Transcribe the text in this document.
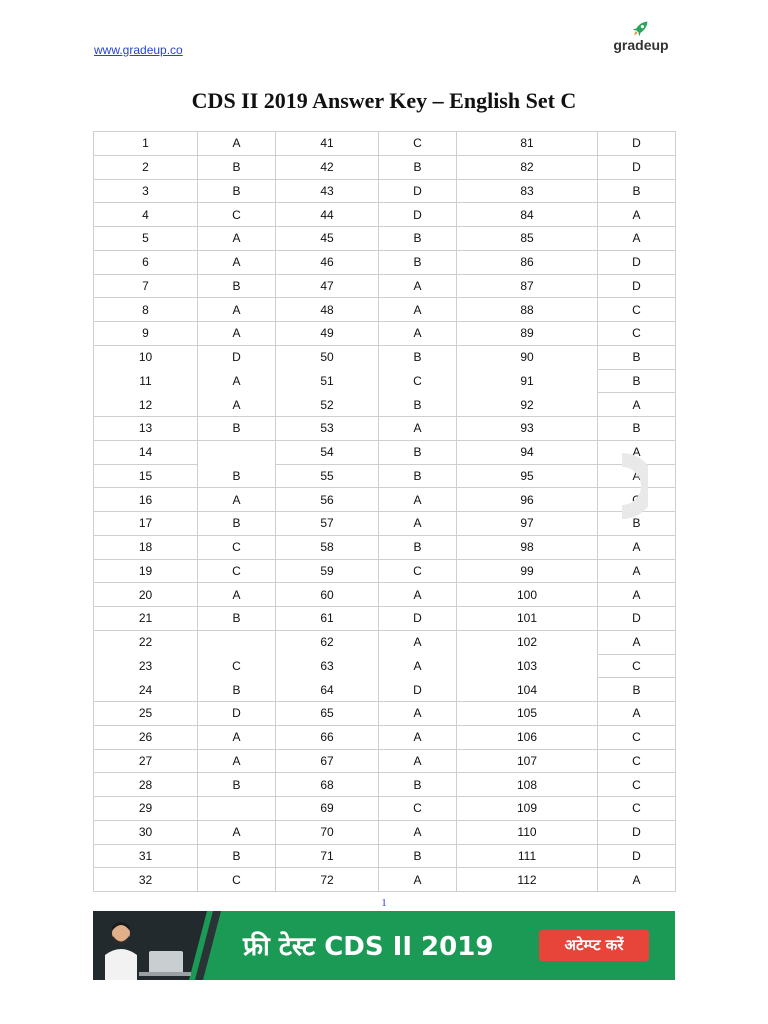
www.gradeup.co	gradeup
CDS II 2019 Answer Key – English Set C
1	A	41	C	81	D
2	B	42	B	82	D
3	B	43	D	83	B
4	C	44	D	84	A
5	A	45	B	85	A
6	A	46	B	86	D
7	B	47	A	87	D
8	A	48	A	88	C
9	A	49	A	89	C
10	D	50	B	90	B
11	A	51	C	91	B
12	A	52	B	92	A
13	B	53	A	93	B
14		54	B	94	A
15	B	55	B	95	A
16	A	56	A	96	C
17	B	57	A	97	B
18	C	58	B	98	A
19	C	59	C	99	A
20	A	60	A	100	A
21	B	61	D	101	D
22		62	A	102	A
23	C	63	A	103	C
24	B	64	D	104	B
25	D	65	A	105	A
26	A	66	A	106	C
27	A	67	A	107	C
28	B	68	B	108	C
29		69	C	109	C
30	A	70	A	110	D
31	B	71	B	111	D
32	C	72	A	112	A
1
फ्री टेस्ट CDS II 2019	अटेम्प्ट करें
